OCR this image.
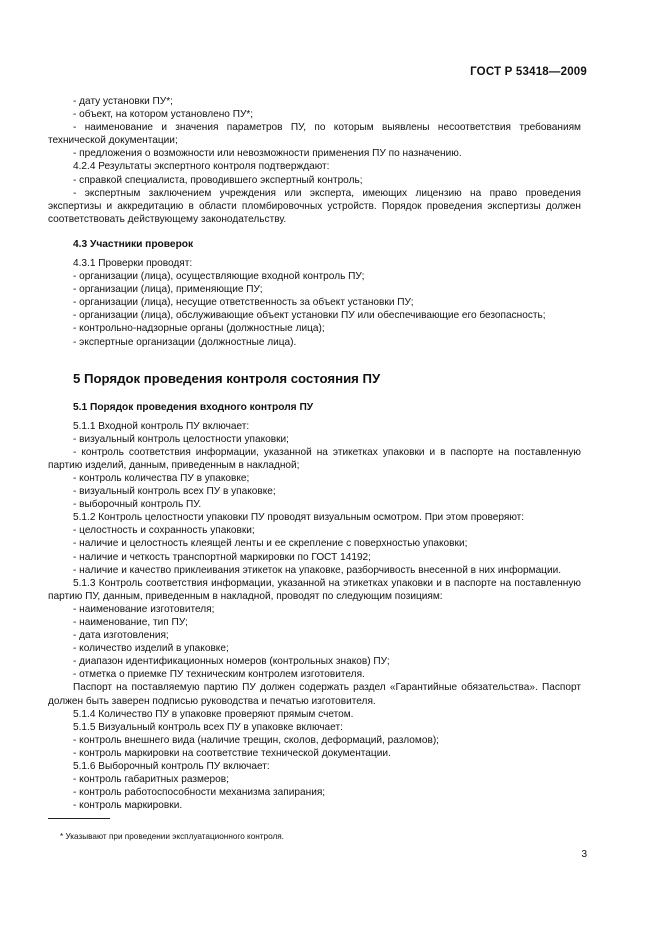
ГОСТ Р 53418—2009

- дату установки ПУ*;

- объект, на котором установлено ПУ*;

- наименование и значения параметров ПУ, по которым выявлены несоответствия требованиям технической документации;

- предложения о возможности или невозможности применения ПУ по назначению.

4.2.4 Результаты экспертного контроля подтверждают:

- справкой специалиста, проводившего экспертный контроль;

- экспертным заключением учреждения или эксперта, имеющих лицензию на право проведения экспертизы и аккредитацию в области пломбировочных устройств. Порядок проведения экспертизы должен соответствовать действующему законодательству.

4.3 Участники проверок

4.3.1 Проверки проводят:

- организации (лица), осуществляющие входной контроль ПУ;

- организации (лица), применяющие ПУ;

- организации (лица), несущие ответственность за объект установки ПУ;

- организации (лица), обслуживающие объект установки ПУ или обеспечивающие его безопасность;

- контрольно-надзорные органы (должностные лица);

- экспертные организации (должностные лица).

5 Порядок проведения контроля состояния ПУ
5.1 Порядок проведения входного контроля ПУ

5.1.1 Входной контроль ПУ включает:

- визуальный контроль целостности упаковки;

- контроль соответствия информации, указанной на этикетках упаковки и в паспорте на поставленную партию изделий, данным, приведенным в накладной;

- контроль количества ПУ в упаковке;

- визуальный контроль всех ПУ в упаковке;

- выборочный контроль ПУ.

5.1.2 Контроль целостности упаковки ПУ проводят визуальным осмотром. При этом проверяют:

- целостность и сохранность упаковки;

- наличие и целостность клеящей ленты и ее скрепление с поверхностью упаковки;

- наличие и четкость транспортной маркировки по ГОСТ 14192;

- наличие и качество приклеивания этикеток на упаковке, разборчивость внесенной в них информации.

5.1.3 Контроль соответствия информации, указанной на этикетках упаковки и в паспорте на поставленную партию ПУ, данным, приведенным в накладной, проводят по следующим позициям:

- наименование изготовителя;

- наименование, тип ПУ;

- дата изготовления;

- количество изделий в упаковке;

- диапазон идентификационных номеров (контрольных знаков) ПУ;

- отметка о приемке ПУ техническим контролем изготовителя.

Паспорт на поставляемую партию ПУ должен содержать раздел «Гарантийные обязательства». Паспорт должен быть заверен подписью руководства и печатью изготовителя.

5.1.4 Количество ПУ в упаковке проверяют прямым счетом.

5.1.5 Визуальный контроль всех ПУ в упаковке включает:

- контроль внешнего вида (наличие трещин, сколов, деформаций, разломов);

- контроль маркировки на соответствие технической документации.

5.1.6 Выборочный контроль ПУ включает:

- контроль габаритных размеров;

- контроль работоспособности механизма запирания;

- контроль маркировки.

* Указывают при проведении эксплуатационного контроля.
3
